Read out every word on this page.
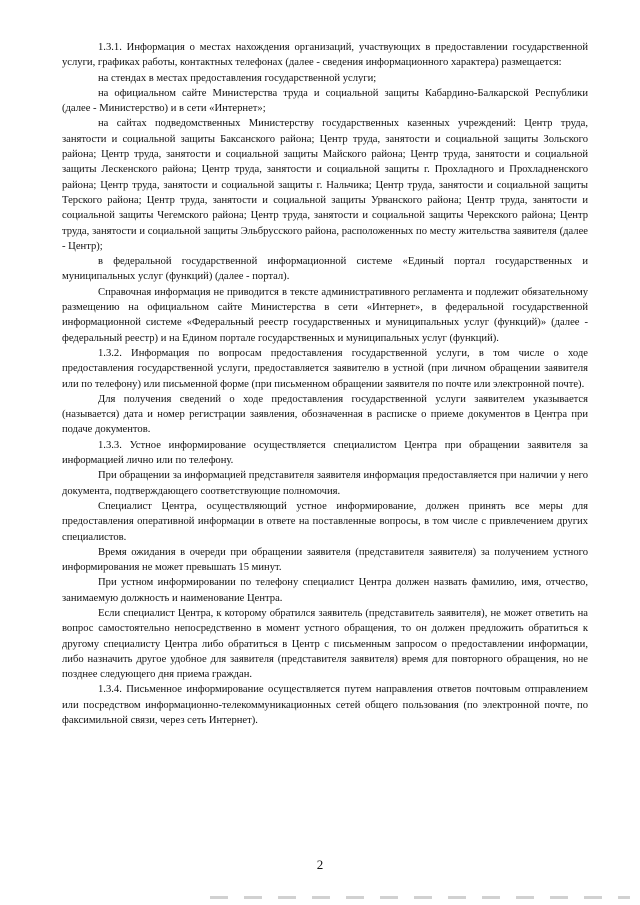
1.3.1. Информация о местах нахождения организаций, участвующих в предоставлении государственной услуги, графиках работы, контактных телефонах (далее - сведения информационного характера) размещается:

на стендах в местах предоставления государственной услуги;

на официальном сайте Министерства труда и социальной защиты Кабардино-Балкарской Республики (далее - Министерство) и в сети «Интернет»;

на сайтах подведомственных Министерству государственных казенных учреждений: Центр труда, занятости и социальной защиты Баксанского района; Центр труда, занятости и социальной защиты Зольского района; Центр труда, занятости и социальной защиты Майского района; Центр труда, занятости и социальной защиты Лескенского района; Центр труда, занятости и социальной защиты г. Прохладного и Прохладненского района; Центр труда, занятости и социальной защиты г. Нальчика; Центр труда, занятости и социальной защиты Терского района; Центр труда, занятости и социальной защиты Урванского района; Центр труда, занятости и социальной защиты Чегемского района; Центр труда, занятости и социальной защиты Черекского района; Центр труда, занятости и социальной защиты Эльбрусского района, расположенных по месту жительства заявителя (далее - Центр);

в федеральной государственной информационной системе «Единый портал государственных и муниципальных услуг (функций) (далее - портал).

Справочная информация не приводится в тексте административного регламента и подлежит обязательному размещению на официальном сайте Министерства в сети «Интернет», в федеральной государственной информационной системе «Федеральный реестр государственных и муниципальных услуг (функций)» (далее - федеральный реестр) и на Едином портале государственных и муниципальных услуг (функций).

1.3.2. Информация по вопросам предоставления государственной услуги, в том числе о ходе предоставления государственной услуги, предоставляется заявителю в устной (при личном обращении заявителя или по телефону) или письменной форме (при письменном обращении заявителя по почте или электронной почте).

Для получения сведений о ходе предоставления государственной услуги заявителем указывается (называется) дата и номер регистрации заявления, обозначенная в расписке о приеме документов в Центра при подаче документов.

1.3.3. Устное информирование осуществляется специалистом Центра при обращении заявителя за информацией лично или по телефону.

При обращении за информацией представителя заявителя информация предоставляется при наличии у него документа, подтверждающего соответствующие полномочия.

Специалист Центра, осуществляющий устное информирование, должен принять все меры для предоставления оперативной информации в ответе на поставленные вопросы, в том числе с привлечением других специалистов.

Время ожидания в очереди при обращении заявителя (представителя заявителя) за получением устного информирования не может превышать 15 минут.

При устном информировании по телефону специалист Центра должен назвать фамилию, имя, отчество, занимаемую должность и наименование Центра.

Если специалист Центра, к которому обратился заявитель (представитель заявителя), не может ответить на вопрос самостоятельно непосредственно в момент устного обращения, то он должен предложить обратиться к другому специалисту Центра либо обратиться в Центр с письменным запросом о предоставлении информации, либо назначить другое удобное для заявителя (представителя заявителя) время для повторного обращения, но не позднее следующего дня приема граждан.

1.3.4. Письменное информирование осуществляется путем направления ответов почтовым отправлением или посредством информационно-телекоммуникационных сетей общего пользования (по электронной почте, по факсимильной связи, через сеть Интернет).

2
